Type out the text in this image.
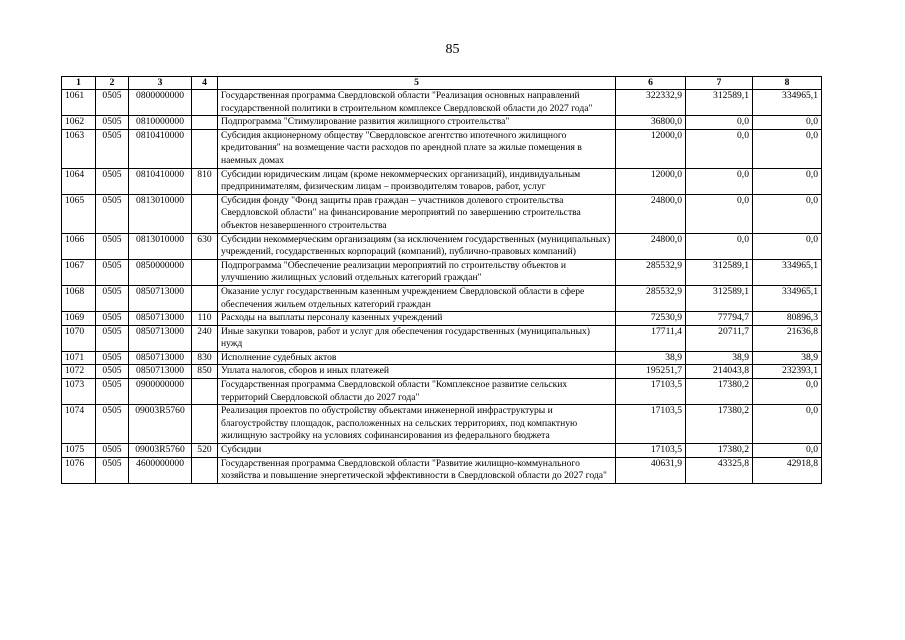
85
1	2	3	4	5	6	7	8
1061	0505	0800000000		Государственная программа Свердловской области "Реализация основных направлений государственной политики в строительном комплексе Свердловской области до 2027 года"	322332,9	312589,1	334965,1
1062	0505	0810000000		Подпрограмма "Стимулирование развития жилищного строительства"	36800,0	0,0	0,0
1063	0505	0810410000		Субсидия акционерному обществу "Свердловское агентство ипотечного жилищного кредитования" на возмещение части расходов по арендной плате за жилые помещения в наемных домах	12000,0	0,0	0,0
1064	0505	0810410000	810	Субсидии юридическим лицам (кроме некоммерческих организаций), индивидуальным предпринимателям, физическим лицам – производителям товаров, работ, услуг	12000,0	0,0	0,0
1065	0505	0813010000		Субсидия фонду "Фонд защиты прав граждан – участников долевого строительства Свердловской области" на финансирование мероприятий по завершению строительства объектов незавершенного строительства	24800,0	0,0	0,0
1066	0505	0813010000	630	Субсидии некоммерческим организациям (за исключением государственных (муниципальных) учреждений, государственных корпораций (компаний), публично-правовых компаний)	24800,0	0,0	0,0
1067	0505	0850000000		Подпрограмма "Обеспечение реализации мероприятий по строительству объектов и улучшению жилищных условий отдельных категорий граждан"	285532,9	312589,1	334965,1
1068	0505	0850713000		Оказание услуг государственным казенным учреждением Свердловской области в сфере обеспечения жильем отдельных категорий граждан	285532,9	312589,1	334965,1
1069	0505	0850713000	110	Расходы на выплаты персоналу казенных учреждений	72530,9	77794,7	80896,3
1070	0505	0850713000	240	Иные закупки товаров, работ и услуг для обеспечения государственных (муниципальных) нужд	17711,4	20711,7	21636,8
1071	0505	0850713000	830	Исполнение судебных актов	38,9	38,9	38,9
1072	0505	0850713000	850	Уплата налогов, сборов и иных платежей	195251,7	214043,8	232393,1
1073	0505	0900000000		Государственная программа Свердловской области "Комплексное развитие сельских территорий Свердловской области до 2027 года"	17103,5	17380,2	0,0
1074	0505	09003R5760		Реализация проектов по обустройству объектами инженерной инфраструктуры и благоустройству площадок, расположенных на сельских территориях, под компактную жилищную застройку на условиях софинансирования из федерального бюджета	17103,5	17380,2	0,0
1075	0505	09003R5760	520	Субсидии	17103,5	17380,2	0,0
1076	0505	4600000000		Государственная программа Свердловской области "Развитие жилищно-коммунального хозяйства и повышение энергетической эффективности в Свердловской области до 2027 года"	40631,9	43325,8	42918,8
